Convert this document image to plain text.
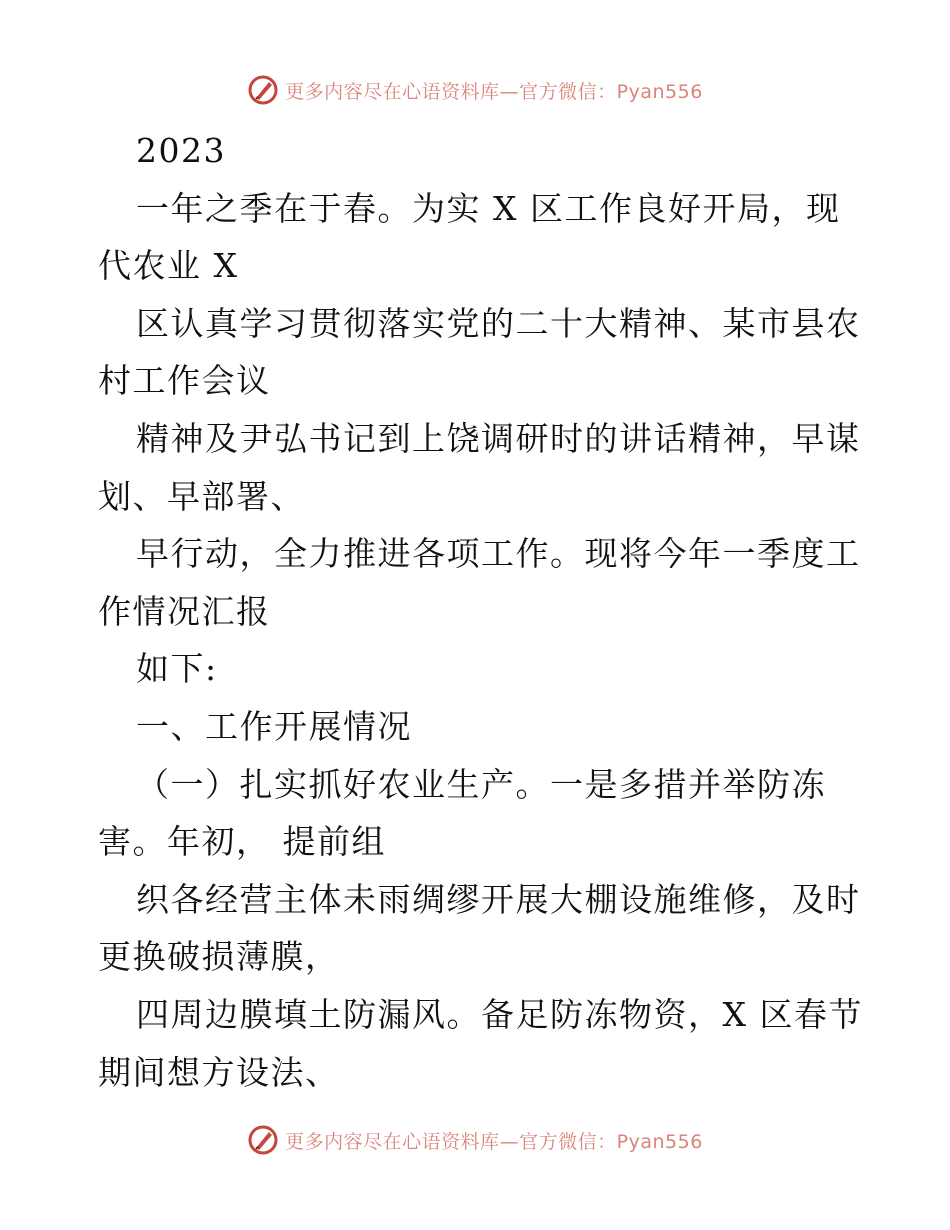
更多内容尽在心语资料库—官方微信：Pyan556
2023
一年之季在于春。为实 X 区工作良好开局，现
代农业 X
区认真学习贯彻落实党的二十大精神、某市县农
村工作会议
精神及尹弘书记到上饶调研时的讲话精神，早谋
划、早部署、
早行动，全力推进各项工作。现将今年一季度工
作情况汇报
如下:
一、工作开展情况
（一）扎实抓好农业生产。一是多措并举防冻
害。年初， 提前组
织各经营主体未雨绸缪开展大棚设施维修，及时
更换破损薄膜，
四周边膜填土防漏风。备足防冻物资，X 区春节
期间想方设法、
更多内容尽在心语资料库—官方微信：Pyan556
